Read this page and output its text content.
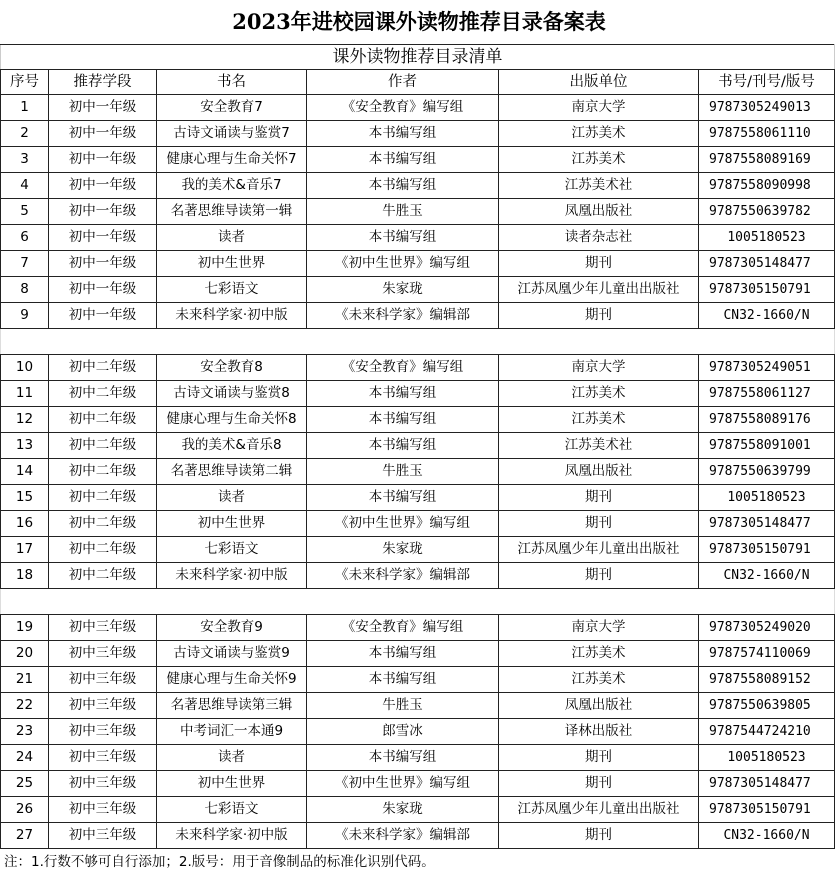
2023年进校园课外读物推荐目录备案表
课外读物推荐目录清单					
序号	推荐学段	书名	作者	出版单位	书号/刊号/版号
1	初中一年级	安全教育7	《安全教育》编写组	南京大学	9787305249013
2	初中一年级	古诗文诵读与鉴赏7	本书编写组	江苏美术	9787558061110
3	初中一年级	健康心理与生命关怀7	本书编写组	江苏美术	9787558089169
4	初中一年级	我的美术&音乐7	本书编写组	江苏美术社	9787558090998
5	初中一年级	名著思维导读第一辑	牛胜玉	凤凰出版社	9787550639782
6	初中一年级	读者	本书编写组	读者杂志社	1005180523
7	初中一年级	初中生世界	《初中生世界》编写组	期刊	9787305148477
8	初中一年级	七彩语文	朱家珑	江苏凤凰少年儿童出出版社	9787305150791
9	初中一年级	未来科学家·初中版	《未来科学家》编辑部	期刊	CN32-1660/N

10	初中二年级	安全教育8	《安全教育》编写组	南京大学	9787305249051
11	初中二年级	古诗文诵读与鉴赏8	本书编写组	江苏美术	9787558061127
12	初中二年级	健康心理与生命关怀8	本书编写组	江苏美术	9787558089176
13	初中二年级	我的美术&音乐8	本书编写组	江苏美术社	9787558091001
14	初中二年级	名著思维导读第二辑	牛胜玉	凤凰出版社	9787550639799
15	初中二年级	读者	本书编写组	期刊	1005180523
16	初中二年级	初中生世界	《初中生世界》编写组	期刊	9787305148477
17	初中二年级	七彩语文	朱家珑	江苏凤凰少年儿童出出版社	9787305150791
18	初中二年级	未来科学家·初中版	《未来科学家》编辑部	期刊	CN32-1660/N

19	初中三年级	安全教育9	《安全教育》编写组	南京大学	9787305249020
20	初中三年级	古诗文诵读与鉴赏9	本书编写组	江苏美术	9787574110069
21	初中三年级	健康心理与生命关怀9	本书编写组	江苏美术	9787558089152
22	初中三年级	名著思维导读第三辑	牛胜玉	凤凰出版社	9787550639805
23	初中三年级	中考词汇一本通9	郎雪冰	译林出版社	9787544724210
24	初中三年级	读者	本书编写组	期刊	1005180523
25	初中三年级	初中生世界	《初中生世界》编写组	期刊	9787305148477
26	初中三年级	七彩语文	朱家珑	江苏凤凰少年儿童出出版社	9787305150791
27	初中三年级	未来科学家·初中版	《未来科学家》编辑部	期刊	CN32-1660/N
注：1.行数不够可自行添加；2.版号：用于音像制品的标准化识别代码。
